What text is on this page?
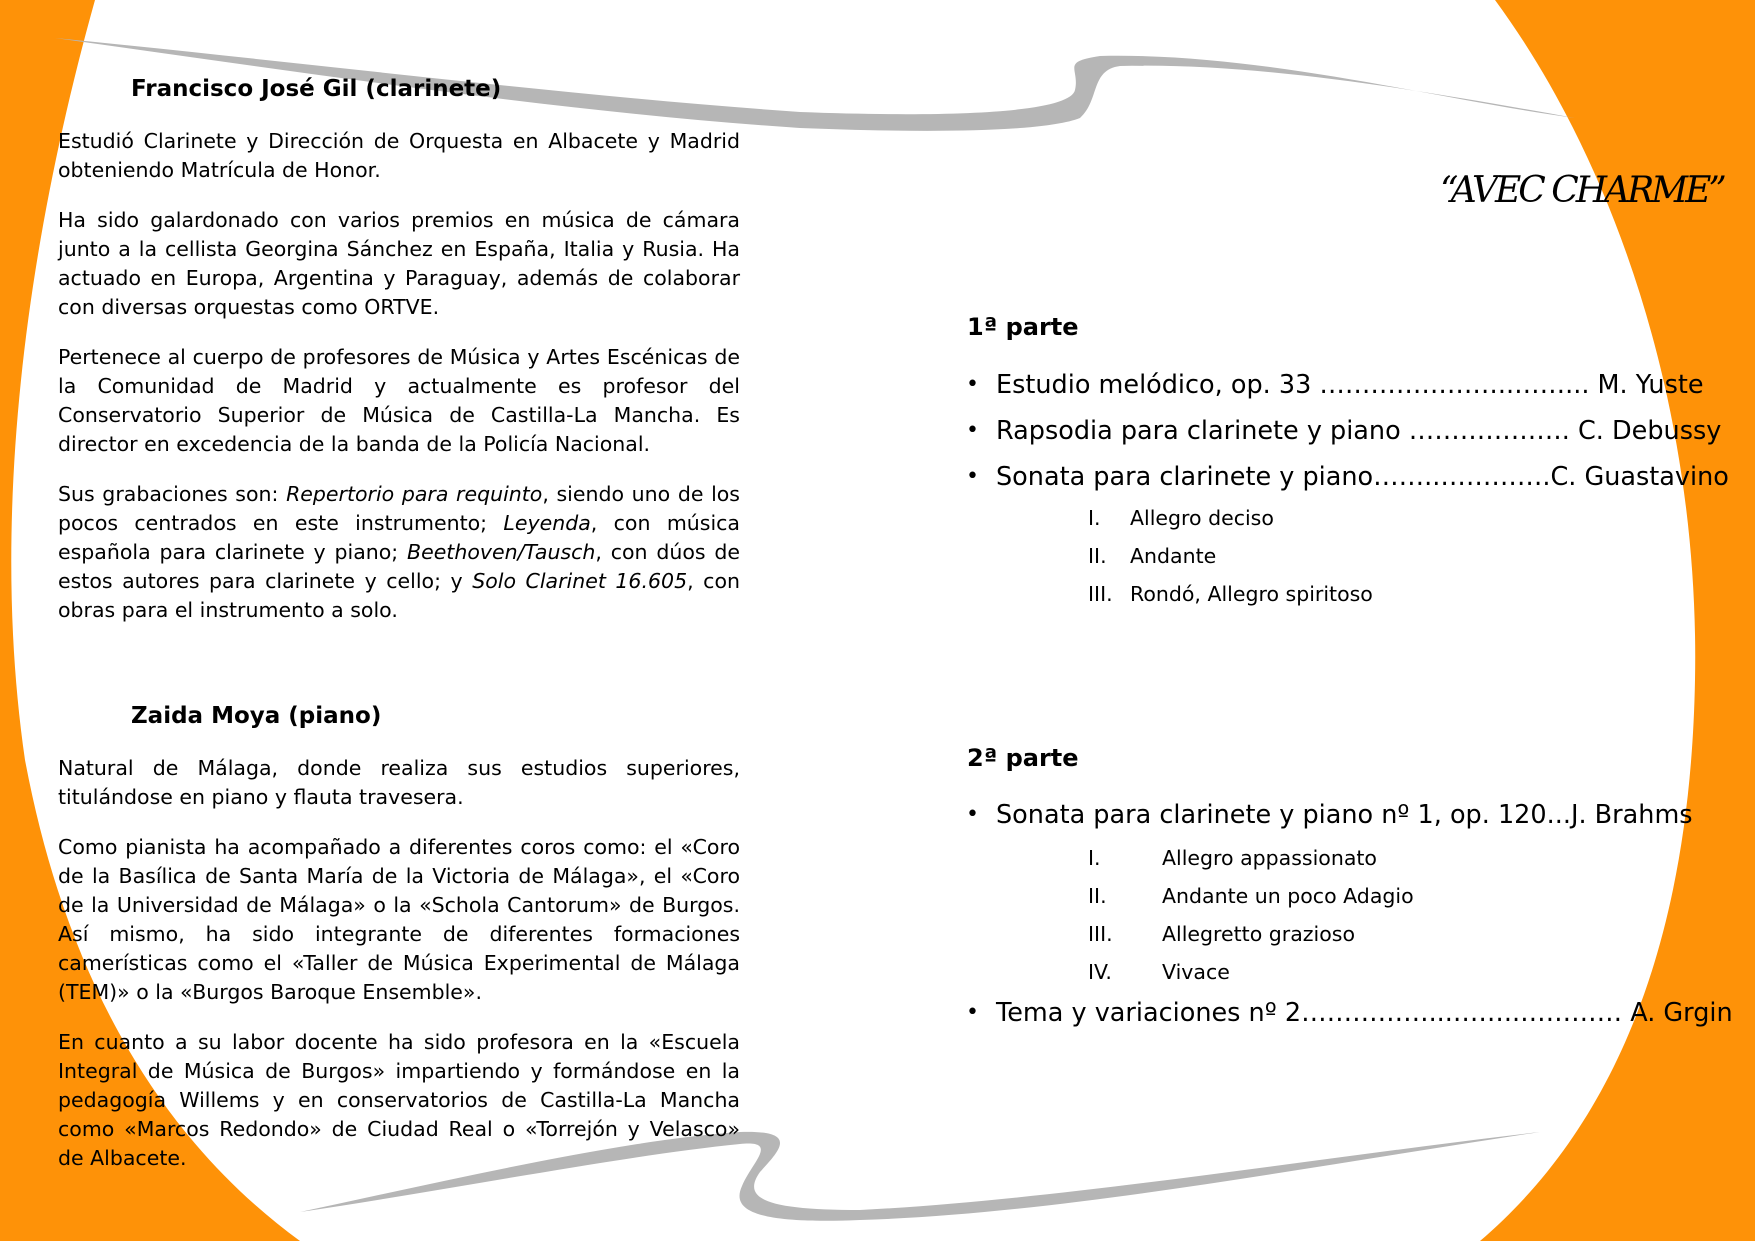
Francisco José Gil (clarinete)

Estudió Clarinete y Dirección de Orquesta en Albacete y Madrid obteniendo Matrícula de Honor.

Ha sido galardonado con varios premios en música de cámara junto a la cellista Georgina Sánchez en España, Italia y Rusia. Ha actuado en Europa, Argentina y Paraguay, además de colaborar con diversas orquestas como ORTVE.

Pertenece al cuerpo de profesores de Música y Artes Escénicas de la Comunidad de Madrid y actualmente es profesor del Conservatorio Superior de Música de Castilla-La Mancha. Es director en excedencia de la banda de la Policía Nacional.

Sus grabaciones son: Repertorio para requinto, siendo uno de los pocos centrados en este instrumento; Leyenda, con música española para clarinete y piano; Beethoven/Tausch, con dúos de estos autores para clarinete y cello; y Solo Clarinet 16.605, con obras para el instrumento a solo.

Zaida Moya (piano)

Natural de Málaga, donde realiza sus estudios superiores, titulándose en piano y flauta travesera.

Como pianista ha acompañado a diferentes coros como: el «Coro de la Basílica de Santa María de la Victoria de Málaga», el «Coro de la Universidad de Málaga» o la «Schola Cantorum» de Burgos. Así mismo, ha sido integrante de diferentes formaciones camerísticas como el «Taller de Música Experimental de Málaga (TEM)» o la «Burgos Baroque Ensemble».

En cuanto a su labor docente ha sido profesora en la «Escuela Integral de Música de Burgos» impartiendo y formándose en la pedagogía Willems y en conservatorios de Castilla-La Mancha como «Marcos Redondo» de Ciudad Real o «Torrejón y Velasco» de Albacete.

“AVEC CHARME”
1ª parte
• Estudio melódico, op. 33 …………………..……... M. Yuste
• Rapsodia para clarinete y piano ………………. C. Debussy
• Sonata para clarinete y piano……..………….C. Guastavino
I. Allegro deciso
II. Andante
III. Rondó, Allegro spiritoso
2ª parte
• Sonata para clarinete y piano nº 1, op. 120...J. Brahms
I.	Allegro appassionato
II.	Andante un poco Adagio
III. Allegretto grazioso
IV. Vivace
• Tema y variaciones nº 2……………...……..………… A. Grgin
